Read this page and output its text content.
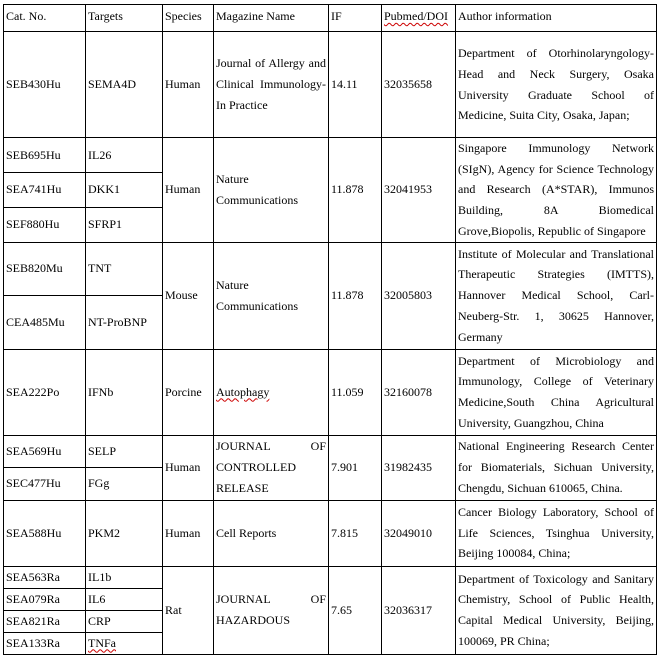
Cat. No.	Targets	Species	Magazine Name	IF	Pubmed/DOI	Author information
SEB430Hu	SEMA4D	Human	Journal of Allergy and Clinical Immunology-In Practice	14.11	32035658	Department of Otorhinolaryngology-Head and Neck Surgery, Osaka University Graduate School of Medicine, Suita City, Osaka, Japan;
SEB695Hu	IL26	Human	Nature Communications	11.878	32041953	Singapore Immunology Network (SIgN), Agency for Science Technology and Research (A*STAR), Immunos Building, 8A Biomedical Grove,Biopolis, Republic of Singapore
SEA741Hu	DKK1					
SEF880Hu	SFRP1					
SEB820Mu	TNT	Mouse	Nature Communications	11.878	32005803	Institute of Molecular and Translational Therapeutic Strategies (IMTTS), Hannover Medical School, Carl-Neuberg-Str. 1, 30625 Hannover, Germany
CEA485Mu	NT-ProBNP					
SEA222Po	IFNb	Porcine	Autophagy	11.059	32160078	Department of Microbiology and Immunology, College of Veterinary Medicine,South China Agricultural University, Guangzhou, China
SEA569Hu	SELP	Human	JOURNAL OF CONTROLLED RELEASE	7.901	31982435	National Engineering Research Center for Biomaterials, Sichuan University, Chengdu, Sichuan 610065, China.
SEC477Hu	FGg					
SEA588Hu	PKM2	Human	Cell Reports	7.815	32049010	Cancer Biology Laboratory, School of Life Sciences, Tsinghua University, Beijing 100084, China;
SEA563Ra	IL1b	Rat	JOURNAL OF HAZARDOUS	7.65	32036317	Department of Toxicology and Sanitary Chemistry, School of Public Health, Capital Medical University, Beijing, 100069, PR China;
SEA079Ra	IL6					
SEA821Ra	CRP					
SEA133Ra	TNFa					
